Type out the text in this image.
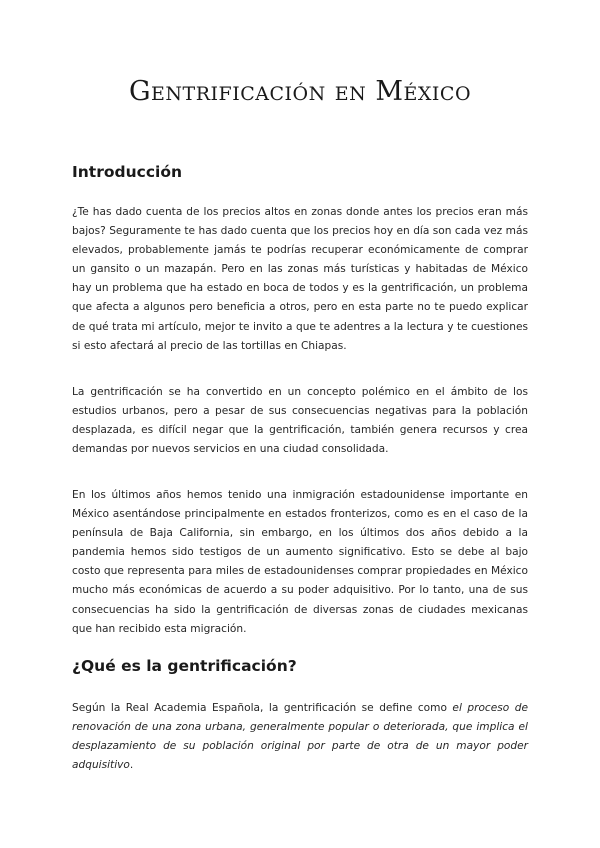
Gentrificación en México
Introducción

¿Te has dado cuenta de los precios altos en zonas donde antes los precios eran más bajos? Seguramente te has dado cuenta que los precios hoy en día son cada vez más elevados, probablemente jamás te podrías recuperar económicamente de comprar un gansito o un mazapán. Pero en las zonas más turísticas y habitadas de México hay un problema que ha estado en boca de todos y es la gentrificación, un problema que afecta a algunos pero beneficia a otros, pero en esta parte no te puedo explicar de qué trata mi artículo, mejor te invito a que te adentres a la lectura y te cuestiones si esto afectará al precio de las tortillas en Chiapas.

La gentrificación se ha convertido en un concepto polémico en el ámbito de los estudios urbanos, pero a pesar de sus consecuencias negativas para la población desplazada, es difícil negar que la gentrificación, también genera recursos y crea demandas por nuevos servicios en una ciudad consolidada.

En los últimos años hemos tenido una inmigración estadounidense importante en México asentándose principalmente en estados fronterizos, como es en el caso de la península de Baja California, sin embargo, en los últimos dos años debido a la pandemia hemos sido testigos de un aumento significativo. Esto se debe al bajo costo que representa para miles de estadounidenses comprar propiedades en México mucho más económicas de acuerdo a su poder adquisitivo. Por lo tanto, una de sus consecuencias ha sido la gentrificación de diversas zonas de ciudades mexicanas que han recibido esta migración.

¿Qué es la gentrificación?

Según la Real Academia Española, la gentrificación se define como el proceso de renovación de una zona urbana, generalmente popular o deteriorada, que implica el desplazamiento de su población original por parte de otra de un mayor poder adquisitivo.
